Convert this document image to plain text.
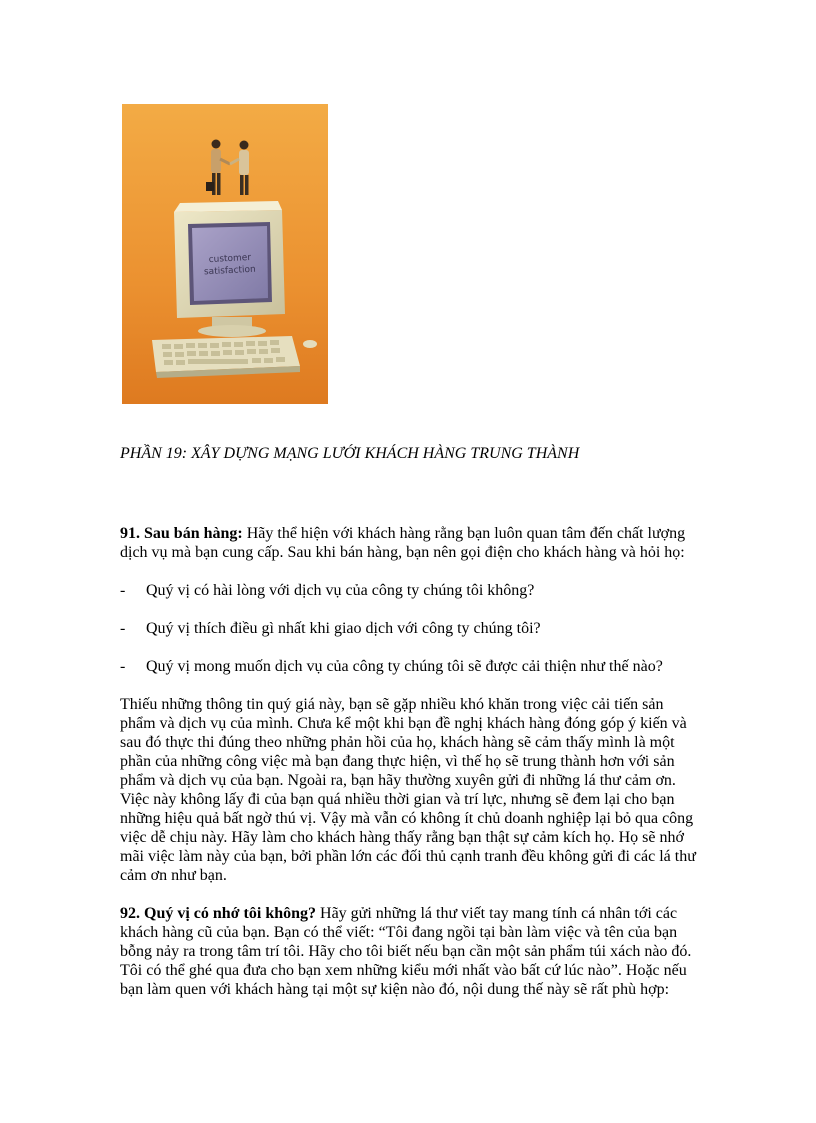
customer
satisfaction
PHẦN 19: XÂY DỰNG MẠNG LƯỚI KHÁCH HÀNG TRUNG THÀNH

91. Sau bán hàng: Hãy thể hiện với khách hàng rằng bạn luôn quan tâm đến chất lượng dịch vụ mà bạn cung cấp. Sau khi bán hàng, bạn nên gọi điện cho khách hàng và hỏi họ:

-	Quý vị có hài lòng với dịch vụ của công ty chúng tôi không?
-	Quý vị thích điều gì nhất khi giao dịch với công ty chúng tôi?
-	Quý vị mong muốn dịch vụ của công ty chúng tôi sẽ được cải thiện như thế nào?

Thiếu những thông tin quý giá này, bạn sẽ gặp nhiều khó khăn trong việc cải tiến sản phẩm và dịch vụ của mình. Chưa kể một khi bạn đề nghị khách hàng đóng góp ý kiến và sau đó thực thi đúng theo những phản hồi của họ, khách hàng sẽ cảm thấy mình là một phần của những công việc mà bạn đang thực hiện, vì thế họ sẽ trung thành hơn với sản phẩm và dịch vụ của bạn. Ngoài ra, bạn hãy thường xuyên gửi đi những lá thư cảm ơn. Việc này không lấy đi của bạn quá nhiều thời gian và trí lực, nhưng sẽ đem lại cho bạn những hiệu quả bất ngờ thú vị. Vậy mà vẫn có không ít chủ doanh nghiệp lại bỏ qua công việc dễ chịu này. Hãy làm cho khách hàng thấy rằng bạn thật sự cảm kích họ. Họ sẽ nhớ mãi việc làm này của bạn, bởi phần lớn các đối thủ cạnh tranh đều không gửi đi các lá thư cảm ơn như bạn.

92. Quý vị có nhớ tôi không? Hãy gửi những lá thư viết tay mang tính cá nhân tới các khách hàng cũ của bạn. Bạn có thể viết: “Tôi đang ngồi tại bàn làm việc và tên của bạn bỗng nảy ra trong tâm trí tôi. Hãy cho tôi biết nếu bạn cần một sản phẩm túi xách nào đó. Tôi có thể ghé qua đưa cho bạn xem những kiểu mới nhất vào bất cứ lúc nào”. Hoặc nếu bạn làm quen với khách hàng tại một sự kiện nào đó, nội dung thế này sẽ rất phù hợp:
